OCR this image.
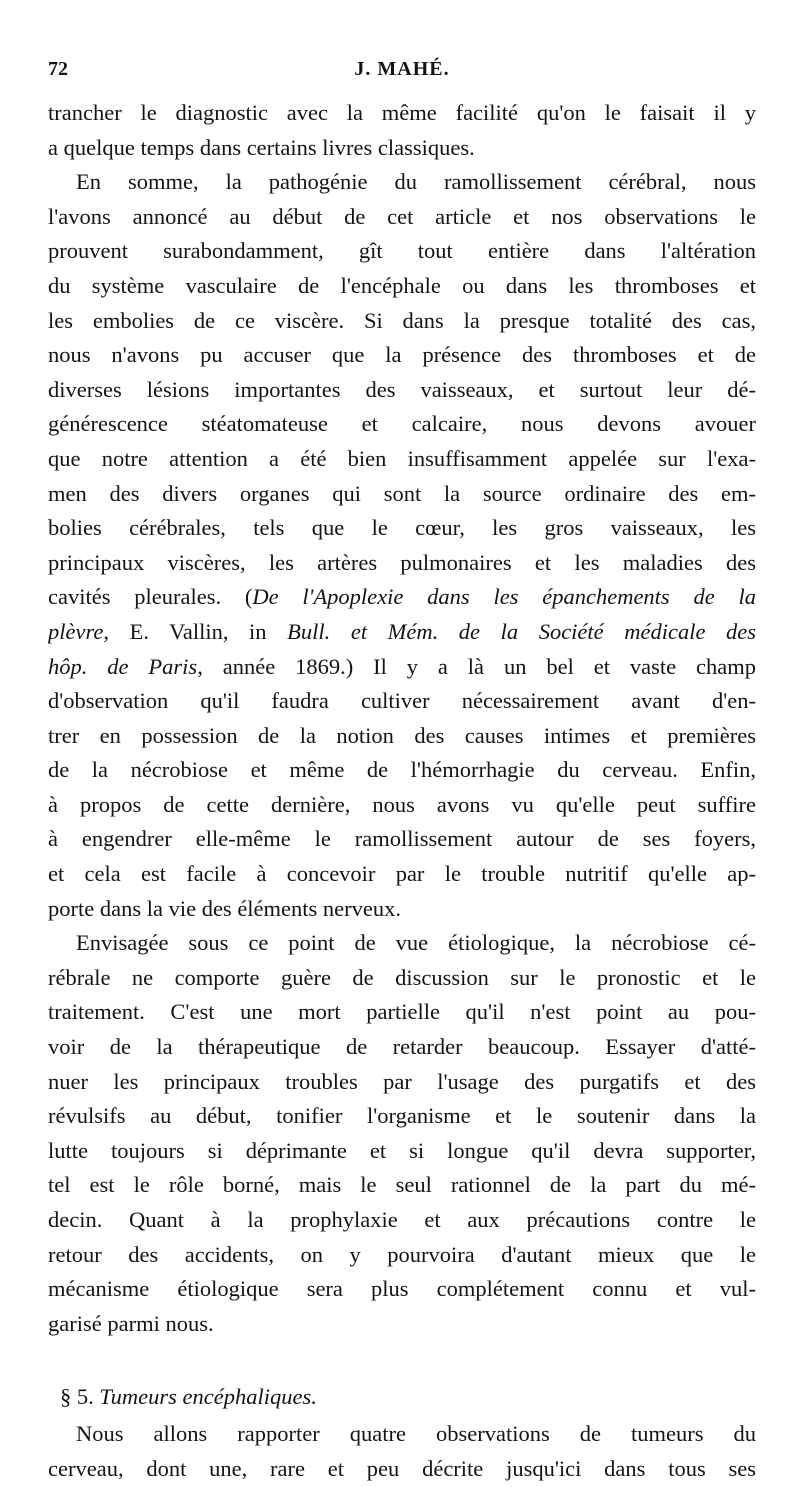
72	J. MAHÉ.
trancher le diagnostic avec la même facilité qu'on le faisait il y
a quelque temps dans certains livres classiques.
En somme, la pathogénie du ramollissement cérébral, nous
l'avons annoncé au début de cet article et nos observations le
prouvent surabondamment, gît tout entière dans l'altération
du système vasculaire de l'encéphale ou dans les thromboses et
les embolies de ce viscère. Si dans la presque totalité des cas,
nous n'avons pu accuser que la présence des thromboses et de
diverses lésions importantes des vaisseaux, et surtout leur dé-
générescence stéatomateuse et calcaire, nous devons avouer
que notre attention a été bien insuffisamment appelée sur l'exa-
men des divers organes qui sont la source ordinaire des em-
bolies cérébrales, tels que le cœur, les gros vaisseaux, les
principaux viscères, les artères pulmonaires et les maladies des
cavités pleurales. (De l'Apoplexie dans les épanchements de la
plèvre, E. Vallin, in Bull. et Mém. de la Société médicale des
hôp. de Paris, année 1869.) Il y a là un bel et vaste champ
d'observation qu'il faudra cultiver nécessairement avant d'en-
trer en possession de la notion des causes intimes et premières
de la nécrobiose et même de l'hémorrhagie du cerveau. Enfin,
à propos de cette dernière, nous avons vu qu'elle peut suffire
à engendrer elle-même le ramollissement autour de ses foyers,
et cela est facile à concevoir par le trouble nutritif qu'elle ap-
porte dans la vie des éléments nerveux.
Envisagée sous ce point de vue étiologique, la nécrobiose cé-
rébrale ne comporte guère de discussion sur le pronostic et le
traitement. C'est une mort partielle qu'il n'est point au pou-
voir de la thérapeutique de retarder beaucoup. Essayer d'atté-
nuer les principaux troubles par l'usage des purgatifs et des
révulsifs au début, tonifier l'organisme et le soutenir dans la
lutte toujours si déprimante et si longue qu'il devra supporter,
tel est le rôle borné, mais le seul rationnel de la part du mé-
decin. Quant à la prophylaxie et aux précautions contre le
retour des accidents, on y pourvoira d'autant mieux que le
mécanisme étiologique sera plus complétement connu et vul-
garisé parmi nous.
§ 5. Tumeurs encéphaliques.
Nous allons rapporter quatre observations de tumeurs du
cerveau, dont une, rare et peu décrite jusqu'ici dans tous ses
